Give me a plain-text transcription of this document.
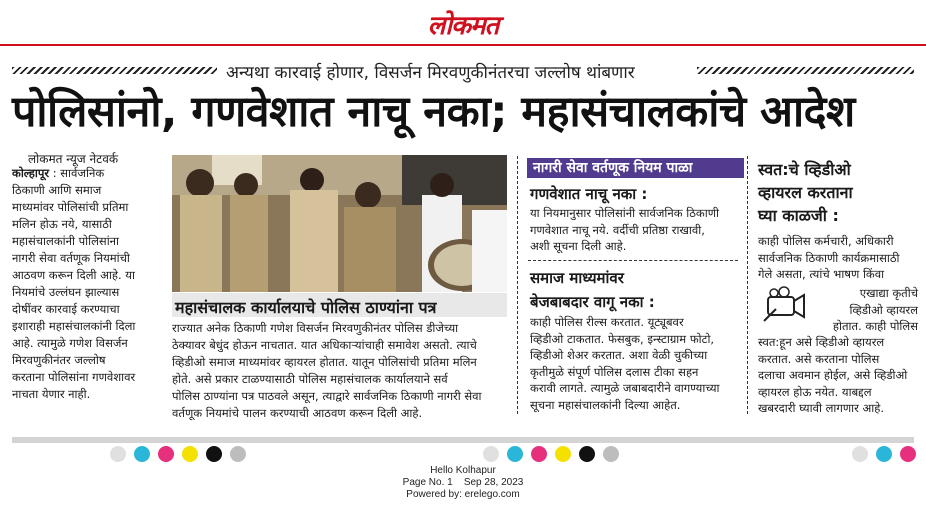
लोकमत
अन्यथा कारवाई होणार, विसर्जन मिरवणुकीनंतरचा जल्लोष थांबणार
पोलिसांनो, गणवेशात नाचू नका; महासंचालकांचे आदेश
लोकमत न्यूज नेटवर्क
कोल्हापूर : सार्वजनिक
ठिकाणी आणि समाज
माध्यमांवर पोलिसांची प्रतिमा
मलिन होऊ नये, यासाठी
महासंचालकांनी पोलिसांना
नागरी सेवा वर्तणूक नियमांची
आठवण करून दिली आहे. या
नियमांचे उल्लंघन झाल्यास
दोषींवर कारवाई करण्याचा
इशाराही महासंचालकांनी दिला
आहे. त्यामुळे गणेश विसर्जन
मिरवणुकीनंतर जल्लोष
करताना पोलिसांना गणवेशावर
नाचता येणार नाही.
महासंचालक कार्यालयाचे पोलिस ठाण्यांना पत्र
राज्यात अनेक ठिकाणी गणेश विसर्जन मिरवणुकीनंतर पोलिस डीजेच्या
ठेक्यावर बेधुंद होऊन नाचतात. यात अधिकाऱ्यांचाही समावेश असतो. त्याचे
व्हिडीओ समाज माध्यमांवर व्हायरल होतात. यातून पोलिसांची प्रतिमा मलिन
होते. असे प्रकार टाळण्यासाठी पोलिस महासंचालक कार्यालयाने सर्व
पोलिस ठाण्यांना पत्र पाठवले असून, त्याद्वारे सार्वजनिक ठिकाणी नागरी सेवा
वर्तणूक नियमांचे पालन करण्याची आठवण करून दिली आहे.
नागरी सेवा वर्तणूक नियम पाळा
गणवेशात नाचू नका :
या नियमानुसार पोलिसांनी सार्वजनिक ठिकाणी
गणवेशात नाचू नये. वर्दीची प्रतिष्ठा राखावी,
अशी सूचना दिली आहे.
समाज माध्यमांवर
बेजबाबदार वागू नका :
काही पोलिस रील्स करतात. यूट्यूबवर
व्हिडीओ टाकतात. फेसबुक, इन्स्टाग्राम फोटो,
व्हिडीओ शेअर करतात. अशा वेळी चुकीच्या
कृतीमुळे संपूर्ण पोलिस दलास टीका सहन
करावी लागते. त्यामुळे जबाबदारीने वागण्याच्या
सूचना महासंचालकांनी दिल्या आहेत.
स्वत:चे व्हिडीओ
व्हायरल करताना
घ्या काळजी :
काही पोलिस कर्मचारी, अधिकारी
सार्वजनिक ठिकाणी कार्यक्रमासाठी
गेले असता, त्यांचे भाषण किंवा
एखाद्या कृतीचे
व्हिडीओ व्हायरल
होतात. काही पोलिस
स्वत:हून असे व्हिडीओ व्हायरल
करतात. असे करताना पोलिस
दलाचा अवमान होईल, असे व्हिडीओ
व्हायरल होऊ नयेत. याबद्दल
खबरदारी घ्यावी लागणार आहे.
Hello Kolhapur
Page No. 1    Sep 28, 2023
Powered by: erelego.com
